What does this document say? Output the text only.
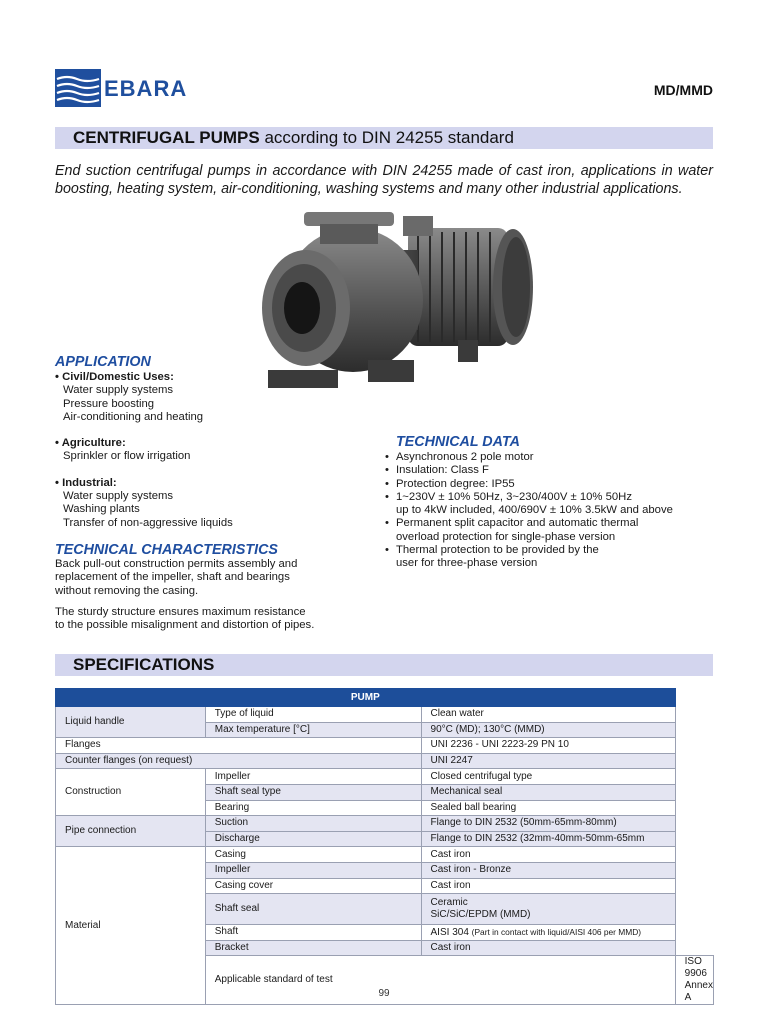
EBARA	MD/MMD
CENTRIFUGAL PUMPS according to DIN 24255 standard
End suction centrifugal pumps in accordance with DIN 24255 made of cast iron, applications in water boosting, heating system, air-conditioning, washing systems and many other industrial applications.
APPLICATION
• Civil/Domestic Uses:
Water supply systems
Pressure boosting
Air-conditioning and heating
• Agriculture:
Sprinkler or flow irrigation
• Industrial:
Water supply systems
Washing plants
Transfer of non-aggressive liquids
TECHNICAL CHARACTERISTICS
Back pull-out construction permits assembly and
replacement of the impeller, shaft and bearings
without removing the casing.
The sturdy structure ensures maximum resistance
to the possible misalignment and distortion of pipes.
TECHNICAL DATA
• Asynchronous 2 pole motor
• Insulation: Class F
• Protection degree: IP55
• 1~230V ± 10% 50Hz, 3~230/400V ± 10% 50Hz
up to 4kW included, 400/690V ± 10% 3.5kW and above
• Permanent split capacitor and automatic thermal
overload protection for single-phase version
• Thermal protection to be provided by the
user for three-phase version
SPECIFICATIONS
PUMP			
Liquid handle	Type of liquid	Clean water	
	Max temperature [°C]	90°C (MD); 130°C (MMD)	
Flanges		UNI 2236 - UNI 2223-29 PN 10	
Counter flanges (on request)		UNI 2247	
Construction	Impeller	Closed centrifugal type	
	Shaft seal type	Mechanical seal	
	Bearing	Sealed ball bearing	
Pipe connection	Suction	Flange to DIN 2532 (50mm-65mm-80mm)	
	Discharge	Flange to DIN 2532 (32mm-40mm-50mm-65mm	
Material	Casing	Cast iron	
	Impeller	Cast iron - Bronze	
	Casing cover	Cast iron	
	Shaft seal	Ceramic
SiC/SiC/EPDM (MMD)	

	Shaft	AISI 304 (Part in contact with liquid/AISI 406 per MMD)	
	Bracket	Cast iron	
	Applicable standard of test		ISO 9906 Annex A
99
